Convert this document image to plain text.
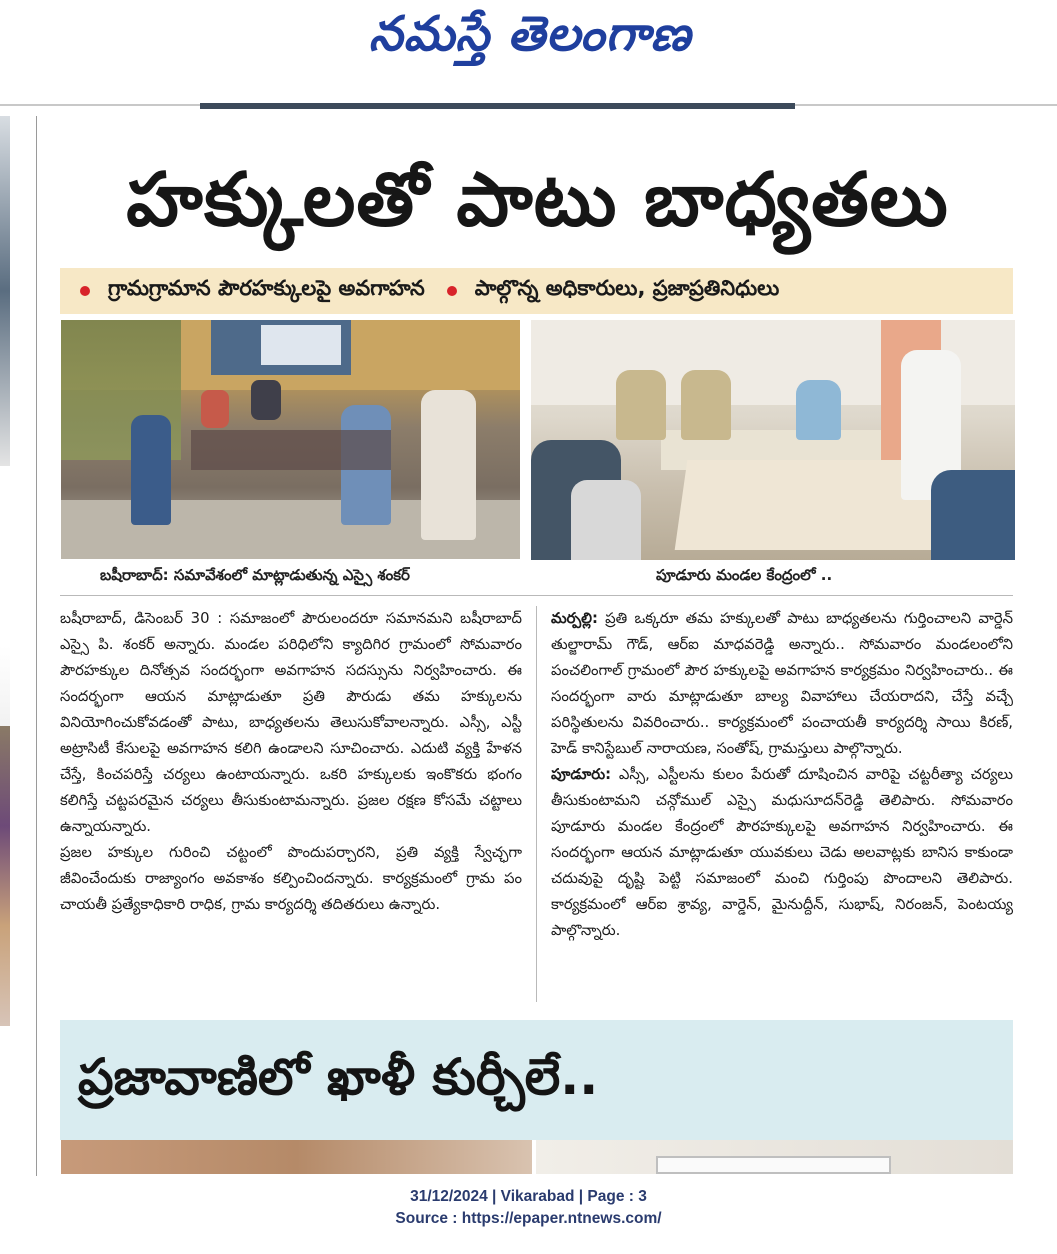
నమస్తే తెలంగాణ
హక్కులతో పాటు బాధ్యతలు
గ్రామగ్రామాన పౌరహక్కులపై అవగాహన పాల్గొన్న అధికారులు, ప్రజాప్రతినిధులు
బషీరాబాద్‌: సమావేశంలో మాట్లాడుతున్న ఎస్సై శంకర్‌	పూడూరు మండల కేంద్రంలో ..

బషీరాబాద్‌, డిసెంబర్‌ 30 : సమాజంలో పౌరులందరూ సమానమని బషీరాబాద్‌ ఎస్సై పి. శంకర్‌ అన్నారు. మండల పరిధిలోని క్యాదిగిర గ్రామంలో సోమవారం పౌరహక్కుల దినోత్సవ సందర్భంగా అవగాహన సదస్సును నిర్వహించారు. ఈ సందర్భంగా ఆయన మాట్లాడుతూ ప్రతి పౌరుడు తమ హక్కులను వినియోగించుకోవడంతో పాటు, బాధ్యతలను తెలుసుకోవాలన్నారు. ఎస్సీ, ఎస్టీ అట్రాసిటీ కేసులపై అవగాహన కలిగి ఉండాలని సూచించారు. ఎదుటి వ్యక్తి హేళన చేస్తే, కించపరిస్తే చర్యలు ఉంటాయన్నారు. ఒకరి హక్కులకు ఇంకొకరు భంగం కలిగిస్తే చట్టపరమైన చర్యలు తీసుకుంటామన్నారు. ప్రజల రక్షణ కోసమే చట్టాలు ఉన్నాయన్నారు.

ప్రజల హక్కుల గురించి చట్టంలో పొందుపర్చారని, ప్రతి వ్యక్తి స్వేచ్ఛగా జీవించేందుకు రాజ్యాంగం అవకాశం కల్పించిందన్నారు. కార్యక్రమంలో గ్రామ పం చాయతీ ప్రత్యేకాధికారి రాధిక, గ్రామ కార్యదర్శి తదితరులు ఉన్నారు.

మర్పల్లి: ప్రతి ఒక్కరూ తమ హక్కులతో పాటు బాధ్యతలను గుర్తించాలని వార్డెన్‌ తుల్జారామ్‌ గౌడ్‌, ఆర్‌ఐ మాధవరెడ్డి అన్నారు.. సోమవారం మండలంలోని పంచలింగాల్‌ గ్రామంలో పౌర హక్కులపై అవగాహన కార్యక్రమం నిర్వహించారు.. ఈ సందర్భంగా వారు మాట్లాడుతూ బాల్య వివాహాలు చేయరాదని, చేస్తే వచ్చే పరిస్థితులను వివరించారు.. కార్యక్రమంలో పంచాయతీ కార్యదర్శి సాయి కిరణ్‌, హెడ్‌ కానిస్టేబుల్‌ నారాయణ, సంతోష్‌, గ్రామస్తులు పాల్గొన్నారు.

పూడూరు: ఎస్సీ, ఎస్టీలను కులం పేరుతో దూషించిన వారిపై చట్టరీత్యా చర్యలు తీసుకుంటామని చన్గోముల్‌ ఎస్సై మధుసూదన్‌రెడ్డి తెలిపారు. సోమవారం పూడూరు మండల కేంద్రంలో పౌరహక్కులపై అవగాహన నిర్వహించారు. ఈ సందర్భంగా ఆయన మాట్లాడుతూ యువకులు చెడు అలవాట్లకు బానిస కాకుండా చదువుపై దృష్టి పెట్టి సమాజంలో మంచి గుర్తింపు పొందాలని తెలిపారు. కార్యక్రమంలో ఆర్‌ఐ శ్రావ్య, వార్డెన్‌, మైనుద్దీన్‌, సుభాష్‌, నిరంజన్‌, పెంటయ్య పాల్గొన్నారు.

ప్రజావాణిలో ఖాళీ కుర్చీలే..
31/12/2024 | Vikarabad | Page : 3
Source : https://epaper.ntnews.com/
